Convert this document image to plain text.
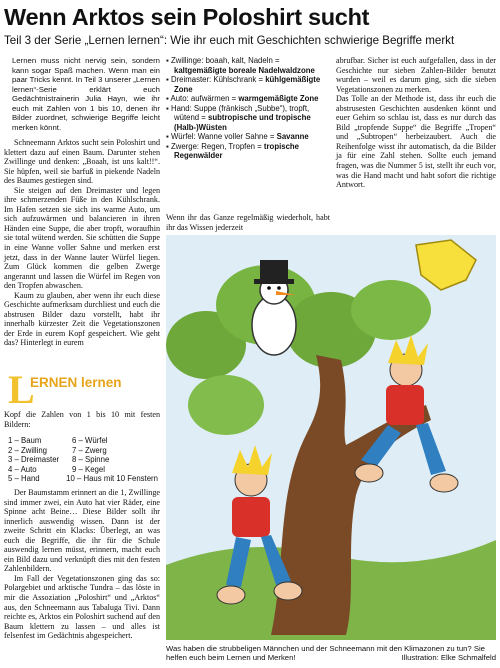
Wenn Arktos sein Poloshirt sucht
Teil 3 der Serie „Lernen lernen“: Wie ihr euch mit Geschichten schwierige Begriffe merkt
Lernen muss nicht nervig sein, sondern kann sogar Spaß machen. Wenn man ein paar Tricks kennt. In Teil 3 unserer „Lernen lernen“-Serie erklärt euch Gedächtnistrainerin Julia Hayn, wie ihr euch mit Zahlen von 1 bis 10, denen ihr Bilder zuordnet, schwierige Begriffe leicht merken könnt.

Schneemann Arktos sucht sein Poloshirt und klettert dazu auf einen Baum. Darunter stehen Zwillinge und denken: „Boaah, ist uns kalt!!“. Sie hüpfen, weil sie barfuß in piekende Nadeln des Baumes gestiegen sind.

Sie steigen auf den Dreimaster und legen ihre schmerzenden Füße in den Kühlschrank. Im Hafen setzen sie sich ins warme Auto, um sich aufzuwärmen und balancieren in ihren Händen eine Suppe, die aber tropft, woraufhin sie total wütend werden. Sie schütten die Suppe in eine Wanne voller Sahne und merken erst jetzt, dass in der Wanne lauter Würfel liegen. Zum Glück kommen die gelben Zwerge angerannt und lassen die Würfel im Regen von den Tropfen abwaschen.

Kaum zu glauben, aber wenn ihr euch diese Geschichte aufmerksam durchliest und euch die abstrusen Bilder dazu vorstellt, habt ihr innerhalb kürzester Zeit die Vegetationszonen der Erde in eurem Kopf gespeichert. Wie geht das? Hinterlegt in eurem

L
ERNEN lernen

Kopf die Zahlen von 1 bis 10 mit festen Bildern:

1 – Baum	6 – Würfel
2 – Zwilling	7 – Zwerg
3 – Dreimaster	8 – Spinne
4 – Auto	9 – Kegel
5 – Hand	10 – Haus mit 10 Fenstern

Der Baumstamm erinnert an die 1, Zwillinge sind immer zwei, ein Auto hat vier Räder, eine Spinne acht Beine… Diese Bilder sollt ihr innerlich auswendig wissen. Dann ist der zweite Schritt ein Klacks: Überlegt, an was euch die Begriffe, die ihr für die Schule auswendig lernen müsst, erinnern, macht euch ein Bild dazu und verknüpft dies mit den festen Zahlenbildern.

Im Fall der Vegetationszonen ging das so: Polargebiet und arktische Tundra – das löste in mir die Assoziation „Poloshirt“ und „Arktos“ aus, den Schneemann aus Tabaluga Tivi. Dann reichte es, Arktos ein Poloshirt suchend auf den Baum klettern zu lassen – und alles ist felsenfest im Gedächtnis abgespeichert.

▪ Zwillinge: boaah, kalt, Nadeln = kaltgemäßigte boreale Nadelwaldzone
▪ Dreimaster: Kühlschrank = kühlgemäßigte Zone
▪ Auto: aufwärmen = warmgemäßigte Zone
▪ Hand: Suppe (fränkisch „Subbe“), tropft, wütend = subtropische und tropische (Halb-)Wüsten
▪ Würfel: Wanne voller Sahne = Savanne
▪ Zwerge: Regen, Tropfen = tropische Regenwälder
Wenn ihr das Ganze regelmäßig wiederholt, habt ihr das Wissen jederzeit
abrufbar. Sicher ist euch aufgefallen, dass in der Geschichte nur sieben Zahlen-Bilder benutzt wurden – weil es darum ging, sich die sieben Vegetationszonen zu merken.
Das Tolle an der Methode ist, dass ihr euch die abstrusesten Geschichten ausdenken könnt und euer Gehirn so schlau ist, dass es nur durch das Bild „tropfende Suppe“ die Begriffe „Tropen“ und „Subtropen“ herbeizaubert. Auch die Reihenfolge wisst ihr automatisch, da die Bilder ja für eine Zahl stehen. Sollte euch jemand fragen, was die Nummer 5 ist, stellt ihr euch vor, was die Hand macht und habt sofort die richtige Antwort.
Was haben die strubbeligen Männchen und der Schneemann mit den Klimazonen zu tun? Sie helfen euch beim Lernen und Merken!	Illustration: Elke Schmalfeld
